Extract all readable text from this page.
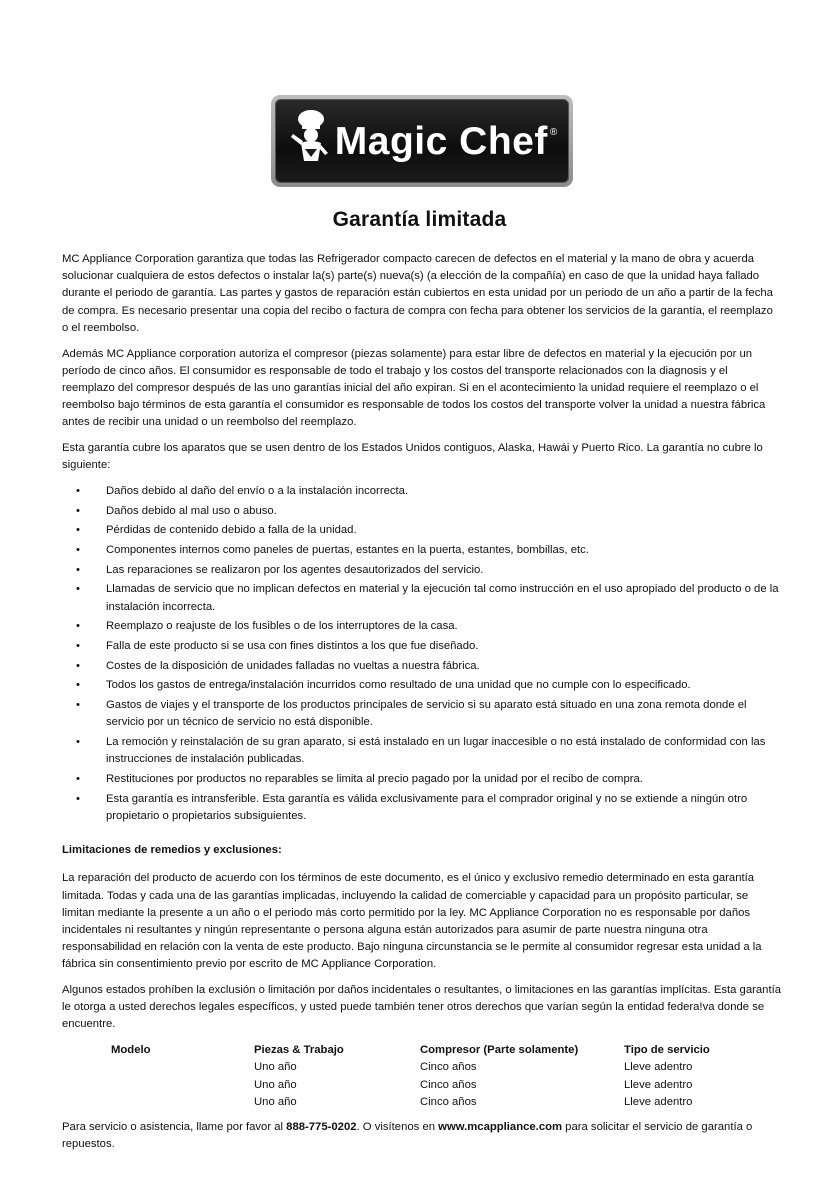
Magic Chef ®
Garantía limitada

MC Appliance Corporation garantiza que todas las Refrigerador compacto carecen de defectos en el material y la mano de obra y acuerda solucionar cualquiera de estos defectos o instalar la(s) parte(s) nueva(s) (a elección de la compañía) en caso de que la unidad haya fallado durante el periodo de garantía. Las partes y gastos de reparación están cubiertos en esta unidad por un periodo de un año a partir de la fecha de compra. Es necesario presentar una copia del recibo o factura de compra con fecha para obtener los servicios de la garantía, el reemplazo o el reembolso.

Además MC Appliance corporation autoriza el compresor (piezas solamente) para estar libre de defectos en material y la ejecución por un período de cinco años. El consumidor es responsable de todo el trabajo y los costos del transporte relacionados con la diagnosis y el reemplazo del compresor después de las uno garantías inicial del año expiran. Si en el acontecimiento la unidad requiere el reemplazo o el reembolso bajo términos de esta garantía el consumidor es responsable de todos los costos del transporte volver la unidad a nuestra fábrica antes de recibir una unidad o un reembolso del reemplazo.

Esta garantía cubre los aparatos que se usen dentro de los Estados Unidos contiguos, Alaska, Hawái y Puerto Rico. La garantía no cubre lo siguiente:

• Daños debido al daño del envío o a la instalación incorrecta.
• Daños debido al mal uso o abuso.
• Pérdidas de contenido debido a falla de la unidad.
• Componentes internos como paneles de puertas, estantes en la puerta, estantes, bombillas, etc.
• Las reparaciones se realizaron por los agentes desautorizados del servicio.
• Llamadas de servicio que no implican defectos en material y la ejecución tal como instrucción en el uso apropiado del producto o de la instalación incorrecta.
• Reemplazo o reajuste de los fusibles o de los interruptores de la casa.
• Falla de este producto si se usa con fines distintos a los que fue diseñado.
• Costes de la disposición de unidades falladas no vueltas a nuestra fábrica.
• Todos los gastos de entrega/instalación incurridos como resultado de una unidad que no cumple con lo especificado.
• Gastos de viajes y el transporte de los productos principales de servicio si su aparato está situado en una zona remota donde el servicio por un técnico de servicio no está disponible.
• La remoción y reinstalación de su gran aparato, si está instalado en un lugar inaccesible o no está instalado de conformidad con las instrucciones de instalación publicadas.
• Restituciones por productos no reparables se limita al precio pagado por la unidad por el recibo de compra.
• Esta garantía es intransferible. Esta garantía es válida exclusivamente para el comprador original y no se extiende a ningún otro propietario o propietarios subsiguientes.
Limitaciones de remedios y exclusiones:

La reparación del producto de acuerdo con los términos de este documento, es el único y exclusivo remedio determinado en esta garantía limitada. Todas y cada una de las garantías implicadas, incluyendo la calidad de comerciable y capacidad para un propósito particular, se limitan mediante la presente a un año o el periodo más corto permitido por la ley. MC Appliance Corporation no es responsable por daños incidentales ni resultantes y ningún representante o persona alguna están autorizados para asumir de parte nuestra ninguna otra responsabilidad en relación con la venta de este producto. Bajo ninguna circunstancia se le permite al consumidor regresar esta unidad a la fábrica sin consentimiento previo por escrito de MC Appliance Corporation.

Algunos estados prohíben la exclusión o limitación por daños incidentales o resultantes, o limitaciones en las garantías implícitas. Esta garantía le otorga a usted derechos legales específicos, y usted puede también tener otros derechos que varían según la entidad federa!va donde se encuentre.

Modelo	Piezas & Trabajo	Compresor (Parte solamente)	Tipo de servicio
	Uno año	Cinco años	Lleve adentro
	Uno año	Cinco años	Lleve adentro
	Uno año	Cinco años	Lleve adentro

Para servicio o asistencia, llame por favor al 888-775-0202. O visítenos en www.mcappliance.com para solicitar el servicio de garantía o repuestos.
